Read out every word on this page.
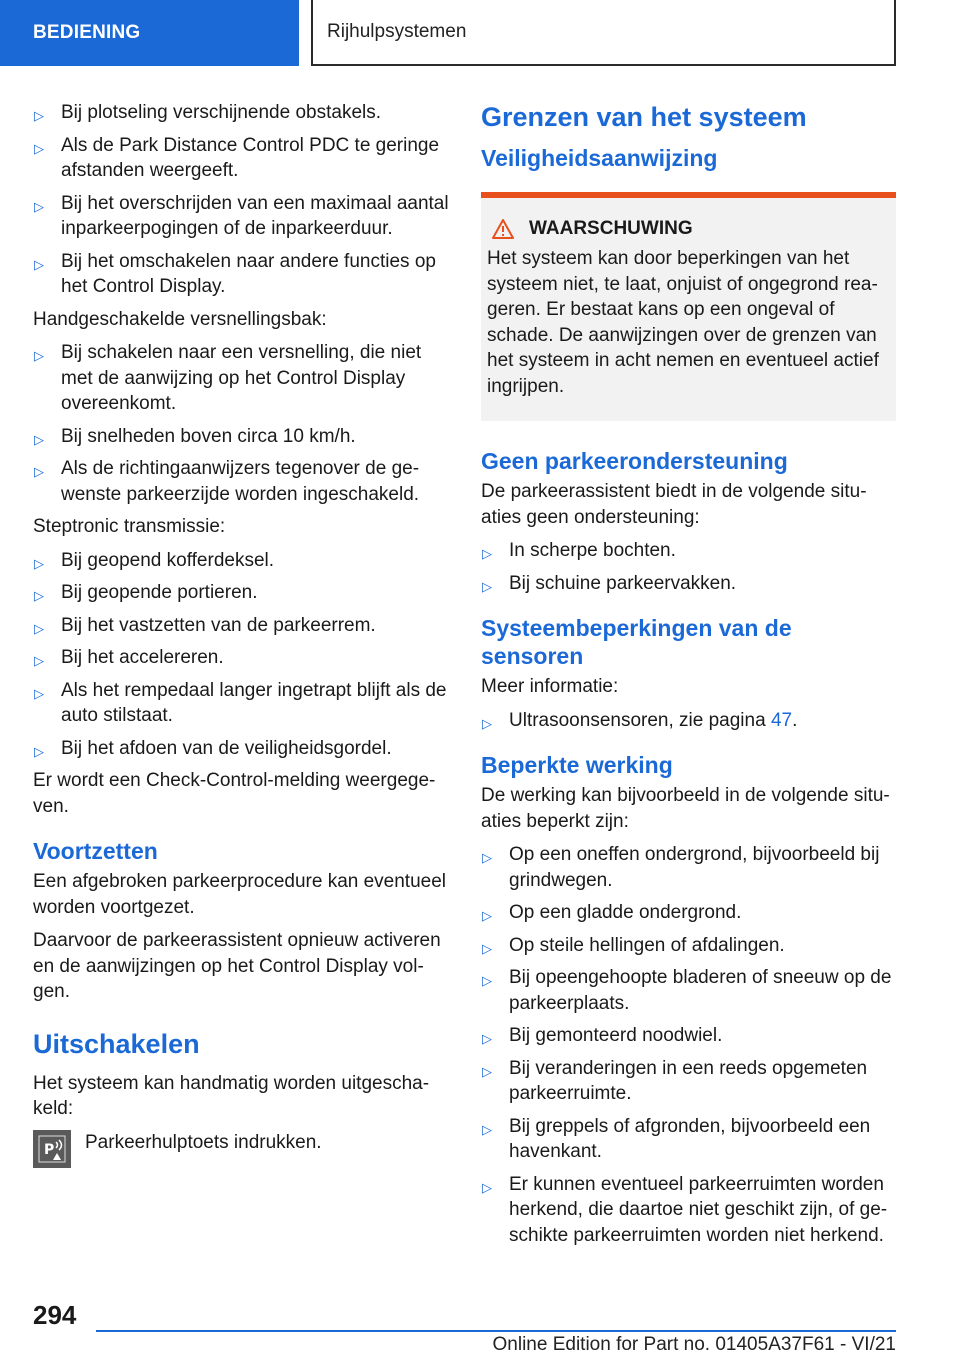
BEDIENING	Rijhulpsystemen
▷ Bij plotseling verschijnende obstakels.
▷ Als de Park Distance Control PDC te geringe afstanden weergeeft.
▷ Bij het overschrijden van een maximaal aantal inparkeerpogingen of de inparkeerduur.
▷ Bij het omschakelen naar andere functies op het Control Display.

Handgeschakelde versnellingsbak:

▷ Bij schakelen naar een versnelling, die niet met de aanwijzing op het Control Display overeenkomt.
▷ Bij snelheden boven circa 10 km/h.
▷ Als de richtingaanwijzers tegenover de gewenste parkeerzijde worden ingeschakeld.

Steptronic transmissie:

▷ Bij geopend kofferdeksel.
▷ Bij geopende portieren.
▷ Bij het vastzetten van de parkeerrem.
▷ Bij het accelereren.
▷ Als het rempedaal langer ingetrapt blijft als de auto stilstaat.
▷ Bij het afdoen van de veiligheidsgordel.

Er wordt een Check-Control-melding weergegeven.

Voortzetten

Een afgebroken parkeerprocedure kan eventueel worden voortgezet.

Daarvoor de parkeerassistent opnieuw activeren en de aanwijzingen op het Control Display volgen.

Uitschakelen

Het systeem kan handmatig worden uitgeschakeld:

P Parkeerhulptoets indrukken.

Grenzen van het systeem
Veiligheidsaanwijzing
WAARSCHUWING

Het systeem kan door beperkingen van het systeem niet, te laat, onjuist of ongegrond reageren. Er bestaat kans op een ongeval of schade. De aanwijzingen over de grenzen van het systeem in acht nemen en eventueel actief ingrijpen.

Geen parkeerondersteuning

De parkeerassistent biedt in de volgende situaties geen ondersteuning:

▷ In scherpe bochten.
▷ Bij schuine parkeervakken.
Systeembeperkingen van de sensoren

Meer informatie:

▷ Ultrasoonsensoren, zie pagina 47.
Beperkte werking

De werking kan bijvoorbeeld in de volgende situaties beperkt zijn:

▷ Op een oneffen ondergrond, bijvoorbeeld bij grindwegen.
▷ Op een gladde ondergrond.
▷ Op steile hellingen of afdalingen.
▷ Bij opeengehoopte bladeren of sneeuw op de parkeerplaats.
▷ Bij gemonteerd noodwiel.
▷ Bij veranderingen in een reeds opgemeten parkeerruimte.
▷ Bij greppels of afgronden, bijvoorbeeld een havenkant.
▷ Er kunnen eventueel parkeerruimten worden herkend, die daartoe niet geschikt zijn, of geschikte parkeerruimten worden niet herkend.
294
Online Edition for Part no. 01405A37F61 - VI/21
